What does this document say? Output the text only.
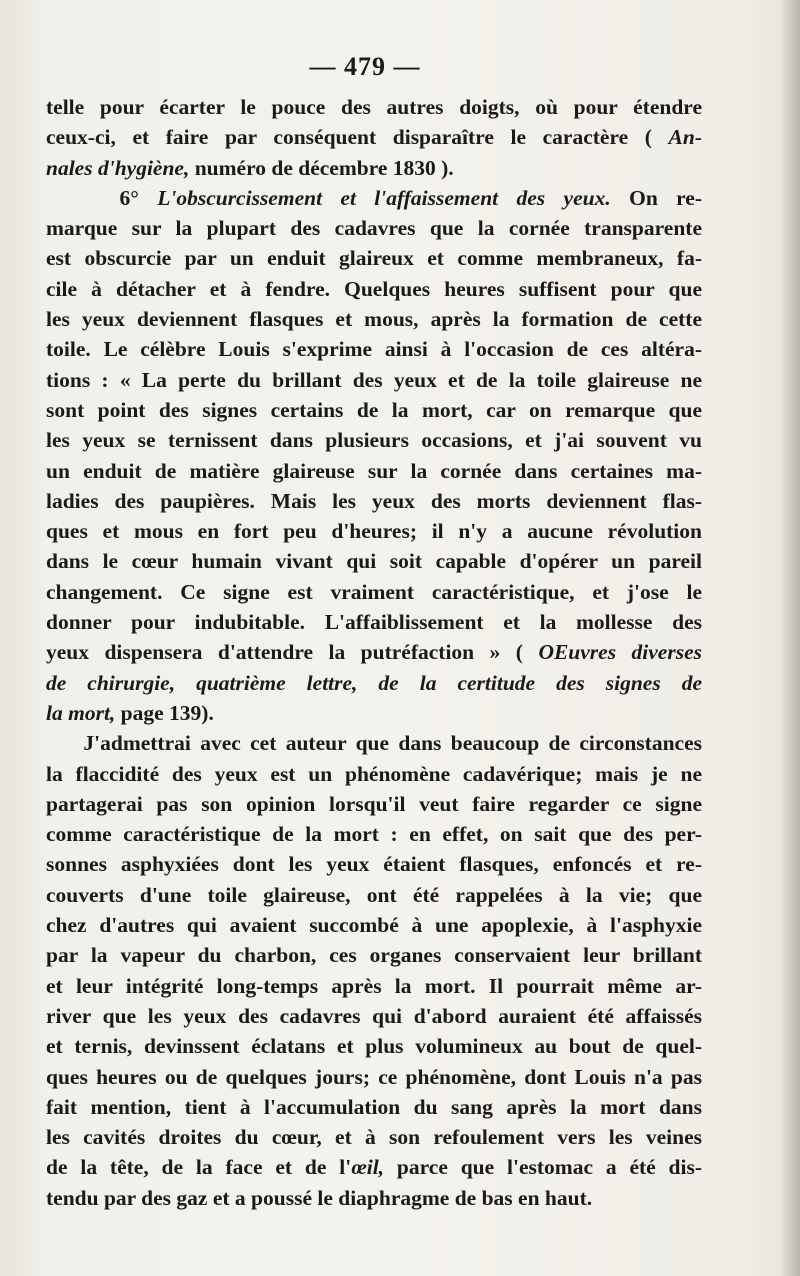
— 479 —
telle pour écarter le pouce des autres doigts, où pour étendre
ceux-ci, et faire par conséquent disparaître le caractère ( An-
nales d'hygiène, numéro de décembre 1830 ).
6° L'obscurcissement et l'affaissement des yeux. On re-
marque sur la plupart des cadavres que la cornée transparente
est obscurcie par un enduit glaireux et comme membraneux, fa-
cile à détacher et à fendre. Quelques heures suffisent pour que
les yeux deviennent flasques et mous, après la formation de cette
toile. Le célèbre Louis s'exprime ainsi à l'occasion de ces altéra-
tions : « La perte du brillant des yeux et de la toile glaireuse ne
sont point des signes certains de la mort, car on remarque que
les yeux se ternissent dans plusieurs occasions, et j'ai souvent vu
un enduit de matière glaireuse sur la cornée dans certaines ma-
ladies des paupières. Mais les yeux des morts deviennent flas-
ques et mous en fort peu d'heures; il n'y a aucune révolution
dans le cœur humain vivant qui soit capable d'opérer un pareil
changement. Ce signe est vraiment caractéristique, et j'ose le
donner pour indubitable. L'affaiblissement et la mollesse des
yeux dispensera d'attendre la putréfaction » ( OEuvres diverses
de chirurgie, quatrième lettre, de la certitude des signes de
la mort, page 139).
J'admettrai avec cet auteur que dans beaucoup de circonstances
la flaccidité des yeux est un phénomène cadavérique; mais je ne
partagerai pas son opinion lorsqu'il veut faire regarder ce signe
comme caractéristique de la mort : en effet, on sait que des per-
sonnes asphyxiées dont les yeux étaient flasques, enfoncés et re-
couverts d'une toile glaireuse, ont été rappelées à la vie; que
chez d'autres qui avaient succombé à une apoplexie, à l'asphyxie
par la vapeur du charbon, ces organes conservaient leur brillant
et leur intégrité long-temps après la mort. Il pourrait même ar-
river que les yeux des cadavres qui d'abord auraient été affaissés
et ternis, devinssent éclatans et plus volumineux au bout de quel-
ques heures ou de quelques jours; ce phénomène, dont Louis n'a pas
fait mention, tient à l'accumulation du sang après la mort dans
les cavités droites du cœur, et à son refoulement vers les veines
de la tête, de la face et de l'œil, parce que l'estomac a été dis-
tendu par des gaz et a poussé le diaphragme de bas en haut.
